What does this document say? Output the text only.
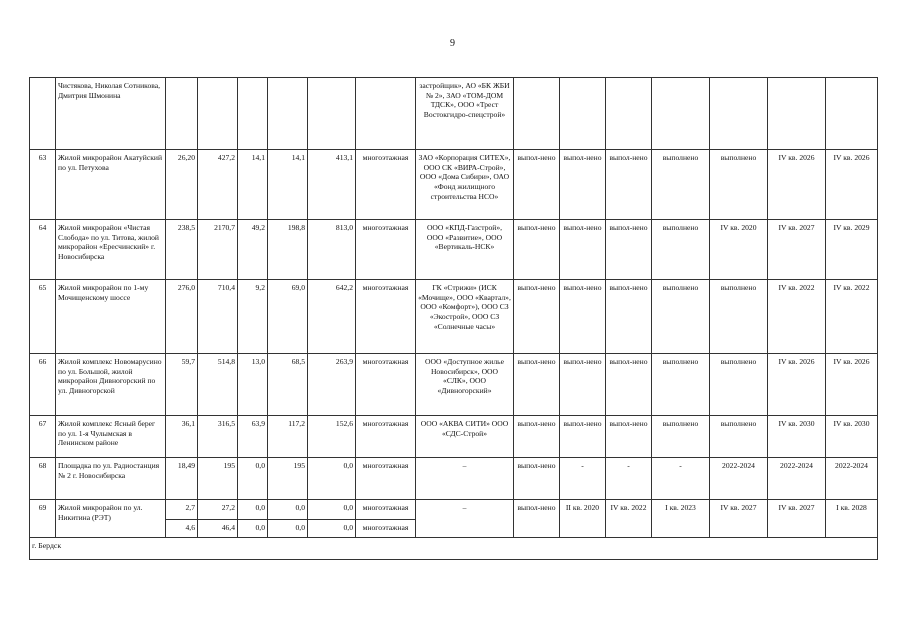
9
	Чистякова, Николая Сотникова, Дмитрия Шмонина							застройщик», АО «БК ЖБИ № 2», ЗАО «ТОМ-ДОМ ТДСК», ООО «Трест Востокгидро-спецстрой»							
63	Жилой микрорайон Акатуйский по ул. Петухова	26,20	427,2	14,1	14,1	413,1	многоэтажная	ЗАО «Корпорация СИТЕХ», ООО СК «ВИРА-Строй», ООО «Дома Сибири», ОАО «Фонд жилищного строительства НСО»	выпол-нено	выпол-нено	выпол-нено	выполнено	выполнено	IV кв. 2026	IV кв. 2026
64	Жилой микрорайон «Чистая Слобода» по ул. Титова, жилой микрорайон «Ересчинский» г. Новосибирска	238,5	2170,7	49,2	198,8	813,0	многоэтажная	ООО «КПД-Газстрой», ООО «Развитие», ООО «Вертикаль-НСК»	выпол-нено	выпол-нено	выпол-нено	выполнено	IV кв. 2020	IV кв. 2027	IV кв. 2029
65	Жилой микрорайон по 1-му Мочищенскому шоссе	276,0	710,4	9,2	69,0	642,2	многоэтажная	ГК «Стрижи» (ИСК «Мочище», ООО «Квартал», ООО «Комфорт»), ООО СЗ «Экострой», ООО СЗ «Солнечные часы»	выпол-нено	выпол-нено	выпол-нено	выполнено	выполнено	IV кв. 2022	IV кв. 2022
66	Жилой комплекс Новомарусино по ул. Большой, жилой микрорайон Дивногорский по ул. Дивногорской	59,7	514,8	13,0	68,5	263,9	многоэтажная	ООО «Доступное жилье Новосибирск», ООО «СЛК», ООО «Дивногорский»	выпол-нено	выпол-нено	выпол-нено	выполнено	выполнено	IV кв. 2026	IV кв. 2026
67	Жилой комплекс Ясный берег по ул. 1-я Чулымская в Ленинском районе	36,1	316,5	63,9	117,2	152,6	многоэтажная	ООО «АКВА СИТИ» ООО «СДС-Строй»	выпол-нено	выпол-нено	выпол-нено	выполнено	выполнено	IV кв. 2030	IV кв. 2030
68	Площадка по ул. Радиостанция № 2 г. Новосибирска	18,49	195	0,0	195	0,0	многоэтажная	–	выпол-нено	-	-	-	2022-2024	2022-2024	2022-2024
69	Жилой микрорайон по ул. Никитина (РЭТ)	2,7	27,2	0,0	0,0	0,0	многоэтажная	–	выпол-нено	II кв. 2020	IV кв. 2022	I кв. 2023	IV кв. 2027	IV кв. 2027	I кв. 2028
		4,6	46,4	0,0	0,0	0,0	многоэтажная								
г. Бердск															
